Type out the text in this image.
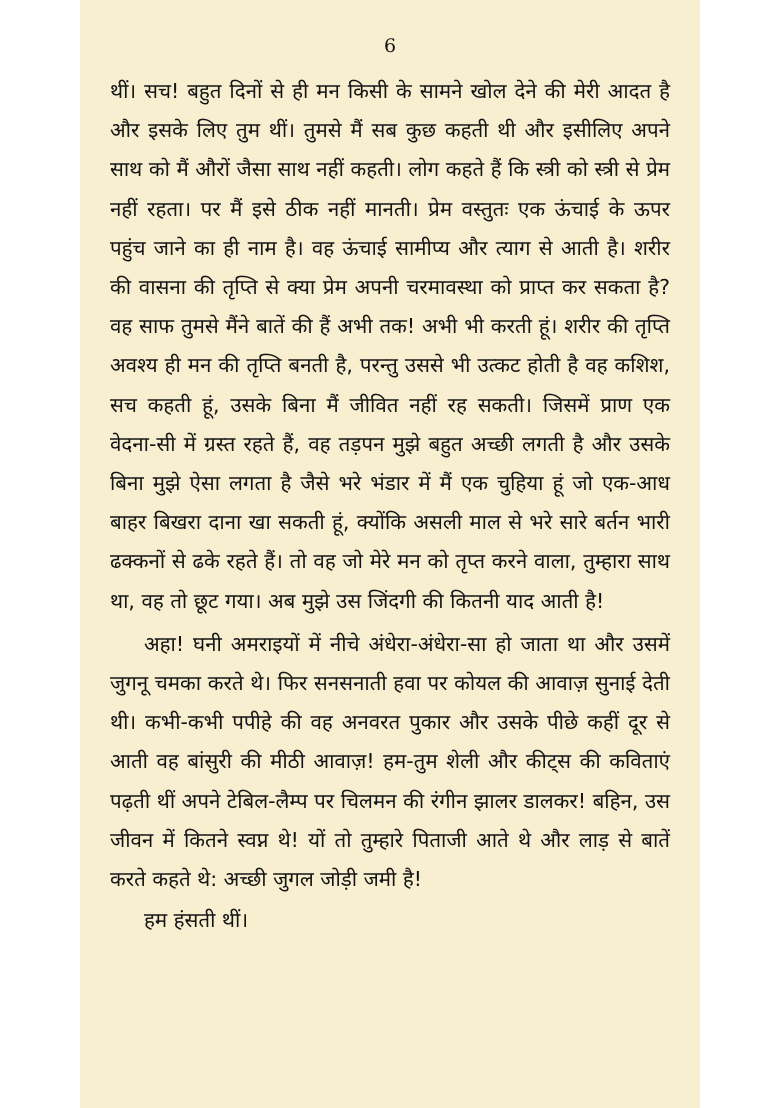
6

थीं। सच! बहुत दिनों से ही मन किसी के सामने खोल देने की मेरी आदत है और इसके लिए तुम थीं। तुमसे मैं सब कुछ कहती थी और इसीलिए अपने साथ को मैं औरों जैसा साथ नहीं कहती। लोग कहते हैं कि स्त्री को स्त्री से प्रेम नहीं रहता। पर मैं इसे ठीक नहीं मानती। प्रेम वस्तुतः एक ऊंचाई के ऊपर पहुंच जाने का ही नाम है। वह ऊंचाई सामीप्य और त्याग से आती है। शरीर की वासना की तृप्ति से क्या प्रेम अपनी चरमावस्था को प्राप्त कर सकता है? वह साफ तुमसे मैंने बातें की हैं अभी तक! अभी भी करती हूं। शरीर की तृप्ति अवश्य ही मन की तृप्ति बनती है, परन्तु उससे भी उत्कट होती है वह कशिश, सच कहती हूं, उसके बिना मैं जीवित नहीं रह सकती। जिसमें प्राण एक वेदना-सी में ग्रस्त रहते हैं, वह तड़पन मुझे बहुत अच्छी लगती है और उसके बिना मुझे ऐसा लगता है जैसे भरे भंडार में मैं एक चुहिया हूं जो एक-आध बाहर बिखरा दाना खा सकती हूं, क्योंकि असली माल से भरे सारे बर्तन भारी ढक्कनों से ढके रहते हैं। तो वह जो मेरे मन को तृप्त करने वाला, तुम्हारा साथ था, वह तो छूट गया। अब मुझे उस जिंदगी की कितनी याद आती है!

अहा! घनी अमराइयों में नीचे अंधेरा-अंधेरा-सा हो जाता था और उसमें जुगनू चमका करते थे। फिर सनसनाती हवा पर कोयल की आवाज़ सुनाई देती थी। कभी-कभी पपीहे की वह अनवरत पुकार और उसके पीछे कहीं दूर से आती वह बांसुरी की मीठी आवाज़! हम-तुम शेली और कीट्स की कविताएं पढ़ती थीं अपने टेबिल-लैम्प पर चिलमन की रंगीन झालर डालकर! बहिन, उस जीवन में कितने स्वप्न थे! यों तो तुम्हारे पिताजी आते थे और लाड़ से बातें करते कहते थे: अच्छी जुगल जोड़ी जमी है!

हम हंसती थीं।
